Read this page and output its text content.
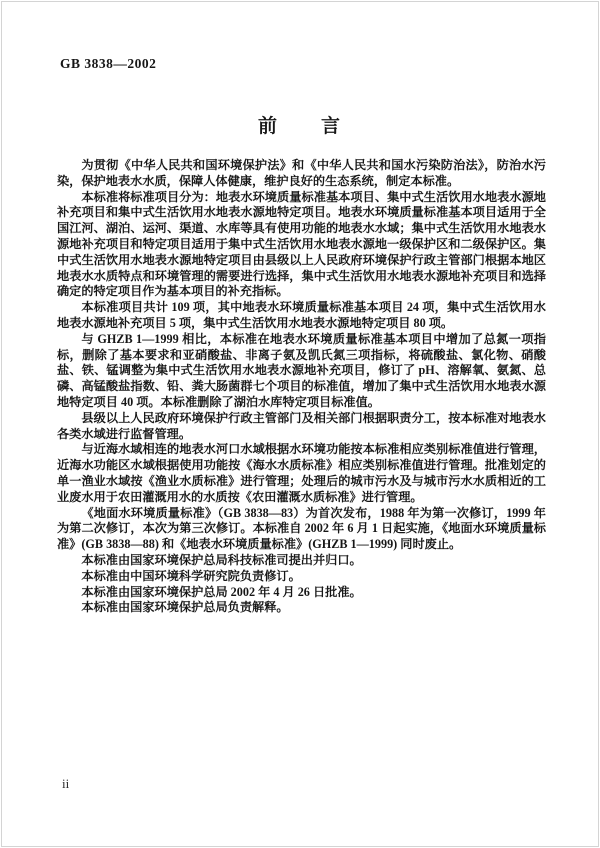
GB 3838—2002
前　　言

为贯彻《中华人民共和国环境保护法》和《中华人民共和国水污染防治法》，防治水污染，保护地表水水质，保障人体健康，维护良好的生态系统，制定本标准。

本标准将标准项目分为：地表水环境质量标准基本项目、集中式生活饮用水地表水源地补充项目和集中式生活饮用水地表水源地特定项目。地表水环境质量标准基本项目适用于全国江河、湖泊、运河、渠道、水库等具有使用功能的地表水水域；集中式生活饮用水地表水源地补充项目和特定项目适用于集中式生活饮用水地表水源地一级保护区和二级保护区。集中式生活饮用水地表水源地特定项目由县级以上人民政府环境保护行政主管部门根据本地区地表水水质特点和环境管理的需要进行选择，集中式生活饮用水地表水源地补充项目和选择确定的特定项目作为基本项目的补充指标。

本标准项目共计 109 项，其中地表水环境质量标准基本项目 24 项，集中式生活饮用水地表水源地补充项目 5 项，集中式生活饮用水地表水源地特定项目 80 项。

与 GHZB 1—1999 相比，本标准在地表水环境质量标准基本项目中增加了总氮一项指标，删除了基本要求和亚硝酸盐、非离子氨及凯氏氮三项指标，将硫酸盐、氯化物、硝酸盐、铁、锰调整为集中式生活饮用水地表水源地补充项目，修订了 pH、溶解氧、氨氮、总磷、高锰酸盐指数、铅、粪大肠菌群七个项目的标准值，增加了集中式生活饮用水地表水源地特定项目 40 项。本标准删除了湖泊水库特定项目标准值。

县级以上人民政府环境保护行政主管部门及相关部门根据职责分工，按本标准对地表水各类水域进行监督管理。

与近海水域相连的地表水河口水域根据水环境功能按本标准相应类别标准值进行管理，近海水功能区水域根据使用功能按《海水水质标准》相应类别标准值进行管理。批准划定的单一渔业水域按《渔业水质标准》进行管理；处理后的城市污水及与城市污水水质相近的工业废水用于农田灌溉用水的水质按《农田灌溉水质标准》进行管理。

《地面水环境质量标准》（GB 3838—83）为首次发布，1988 年为第一次修订，1999 年为第二次修订，本次为第三次修订。本标准自 2002 年 6 月 1 日起实施，《地面水环境质量标准》(GB 3838—88) 和《地表水环境质量标准》(GHZB 1—1999) 同时废止。

本标准由国家环境保护总局科技标准司提出并归口。

本标准由中国环境科学研究院负责修订。

本标准由国家环境保护总局 2002 年 4 月 26 日批准。

本标准由国家环境保护总局负责解释。

ii
